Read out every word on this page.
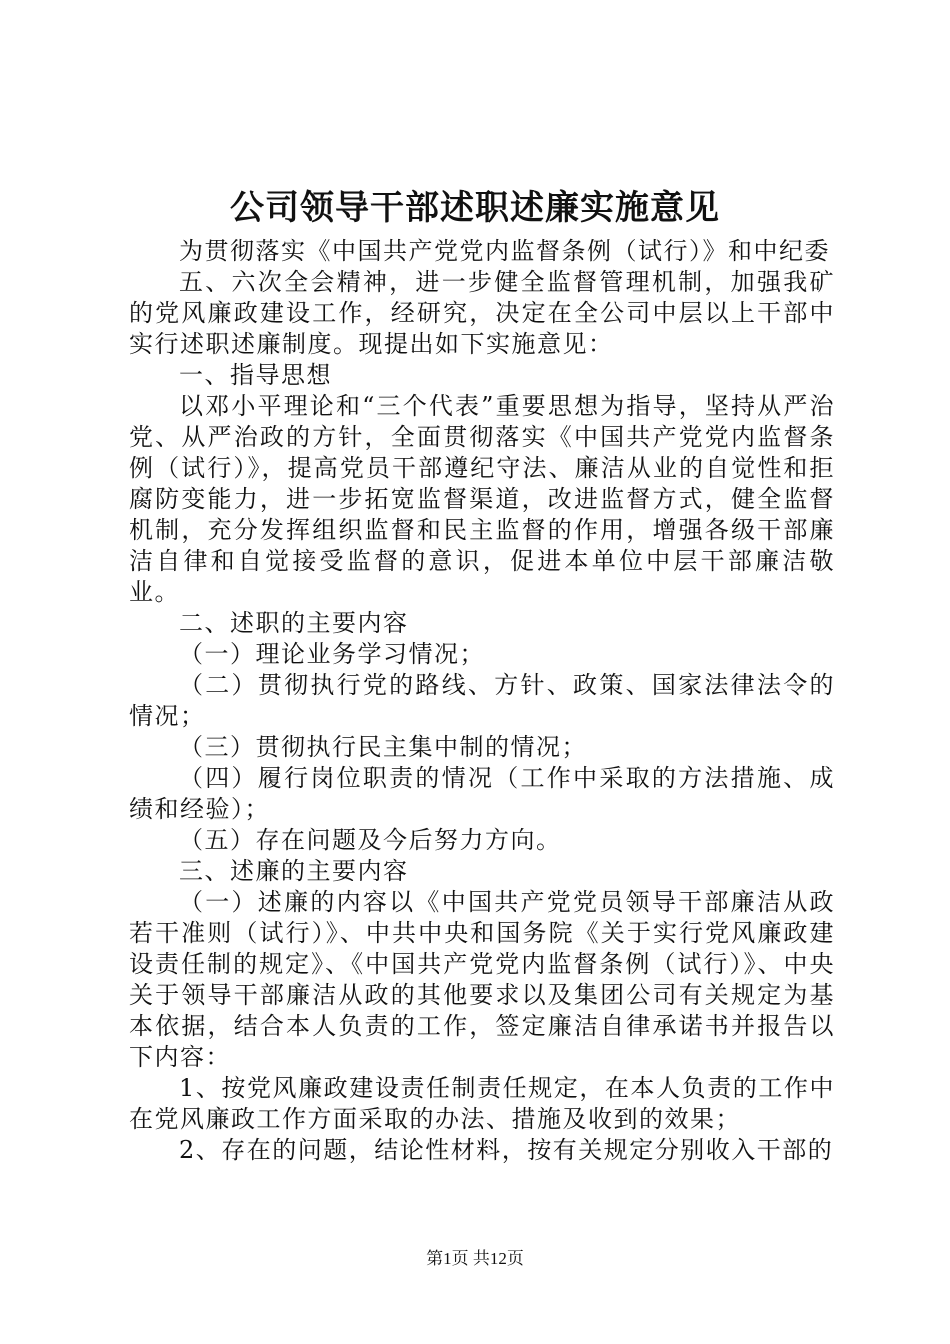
公司领导干部述职述廉实施意见

为贯彻落实《中国共产党党内监督条例（试行）》和中纪委

五、六次全会精神，进一步健全监督管理机制，加强我矿的党风廉政建设工作，经研究，决定在全公司中层以上干部中实行述职述廉制度。现提出如下实施意见：

一、指导思想

以邓小平理论和“三个代表”重要思想为指导，坚持从严治党、从严治政的方针，全面贯彻落实《中国共产党党内监督条例（试行）》，提高党员干部遵纪守法、廉洁从业的自觉性和拒腐防变能力，进一步拓宽监督渠道，改进监督方式，健全监督机制，充分发挥组织监督和民主监督的作用，增强各级干部廉洁自律和自觉接受监督的意识，促进本单位中层干部廉洁敬业。

二、述职的主要内容

（一）理论业务学习情况；

（二）贯彻执行党的路线、方针、政策、国家法律法令的情况；

（三）贯彻执行民主集中制的情况；

（四）履行岗位职责的情况（工作中采取的方法措施、成绩和经验）；

（五）存在问题及今后努力方向。

三、述廉的主要内容

（一）述廉的内容以《中国共产党党员领导干部廉洁从政若干准则（试行）》、中共中央和国务院《关于实行党风廉政建设责任制的规定》、《中国共产党党内监督条例（试行）》、中央关于领导干部廉洁从政的其他要求以及集团公司有关规定为基本依据，结合本人负责的工作，签定廉洁自律承诺书并报告以下内容：

1、按党风廉政建设责任制责任规定，在本人负责的工作中在党风廉政工作方面采取的办法、措施及收到的效果；

2、存在的问题，结论性材料，按有关规定分别收入干部的

第1页 共12页
